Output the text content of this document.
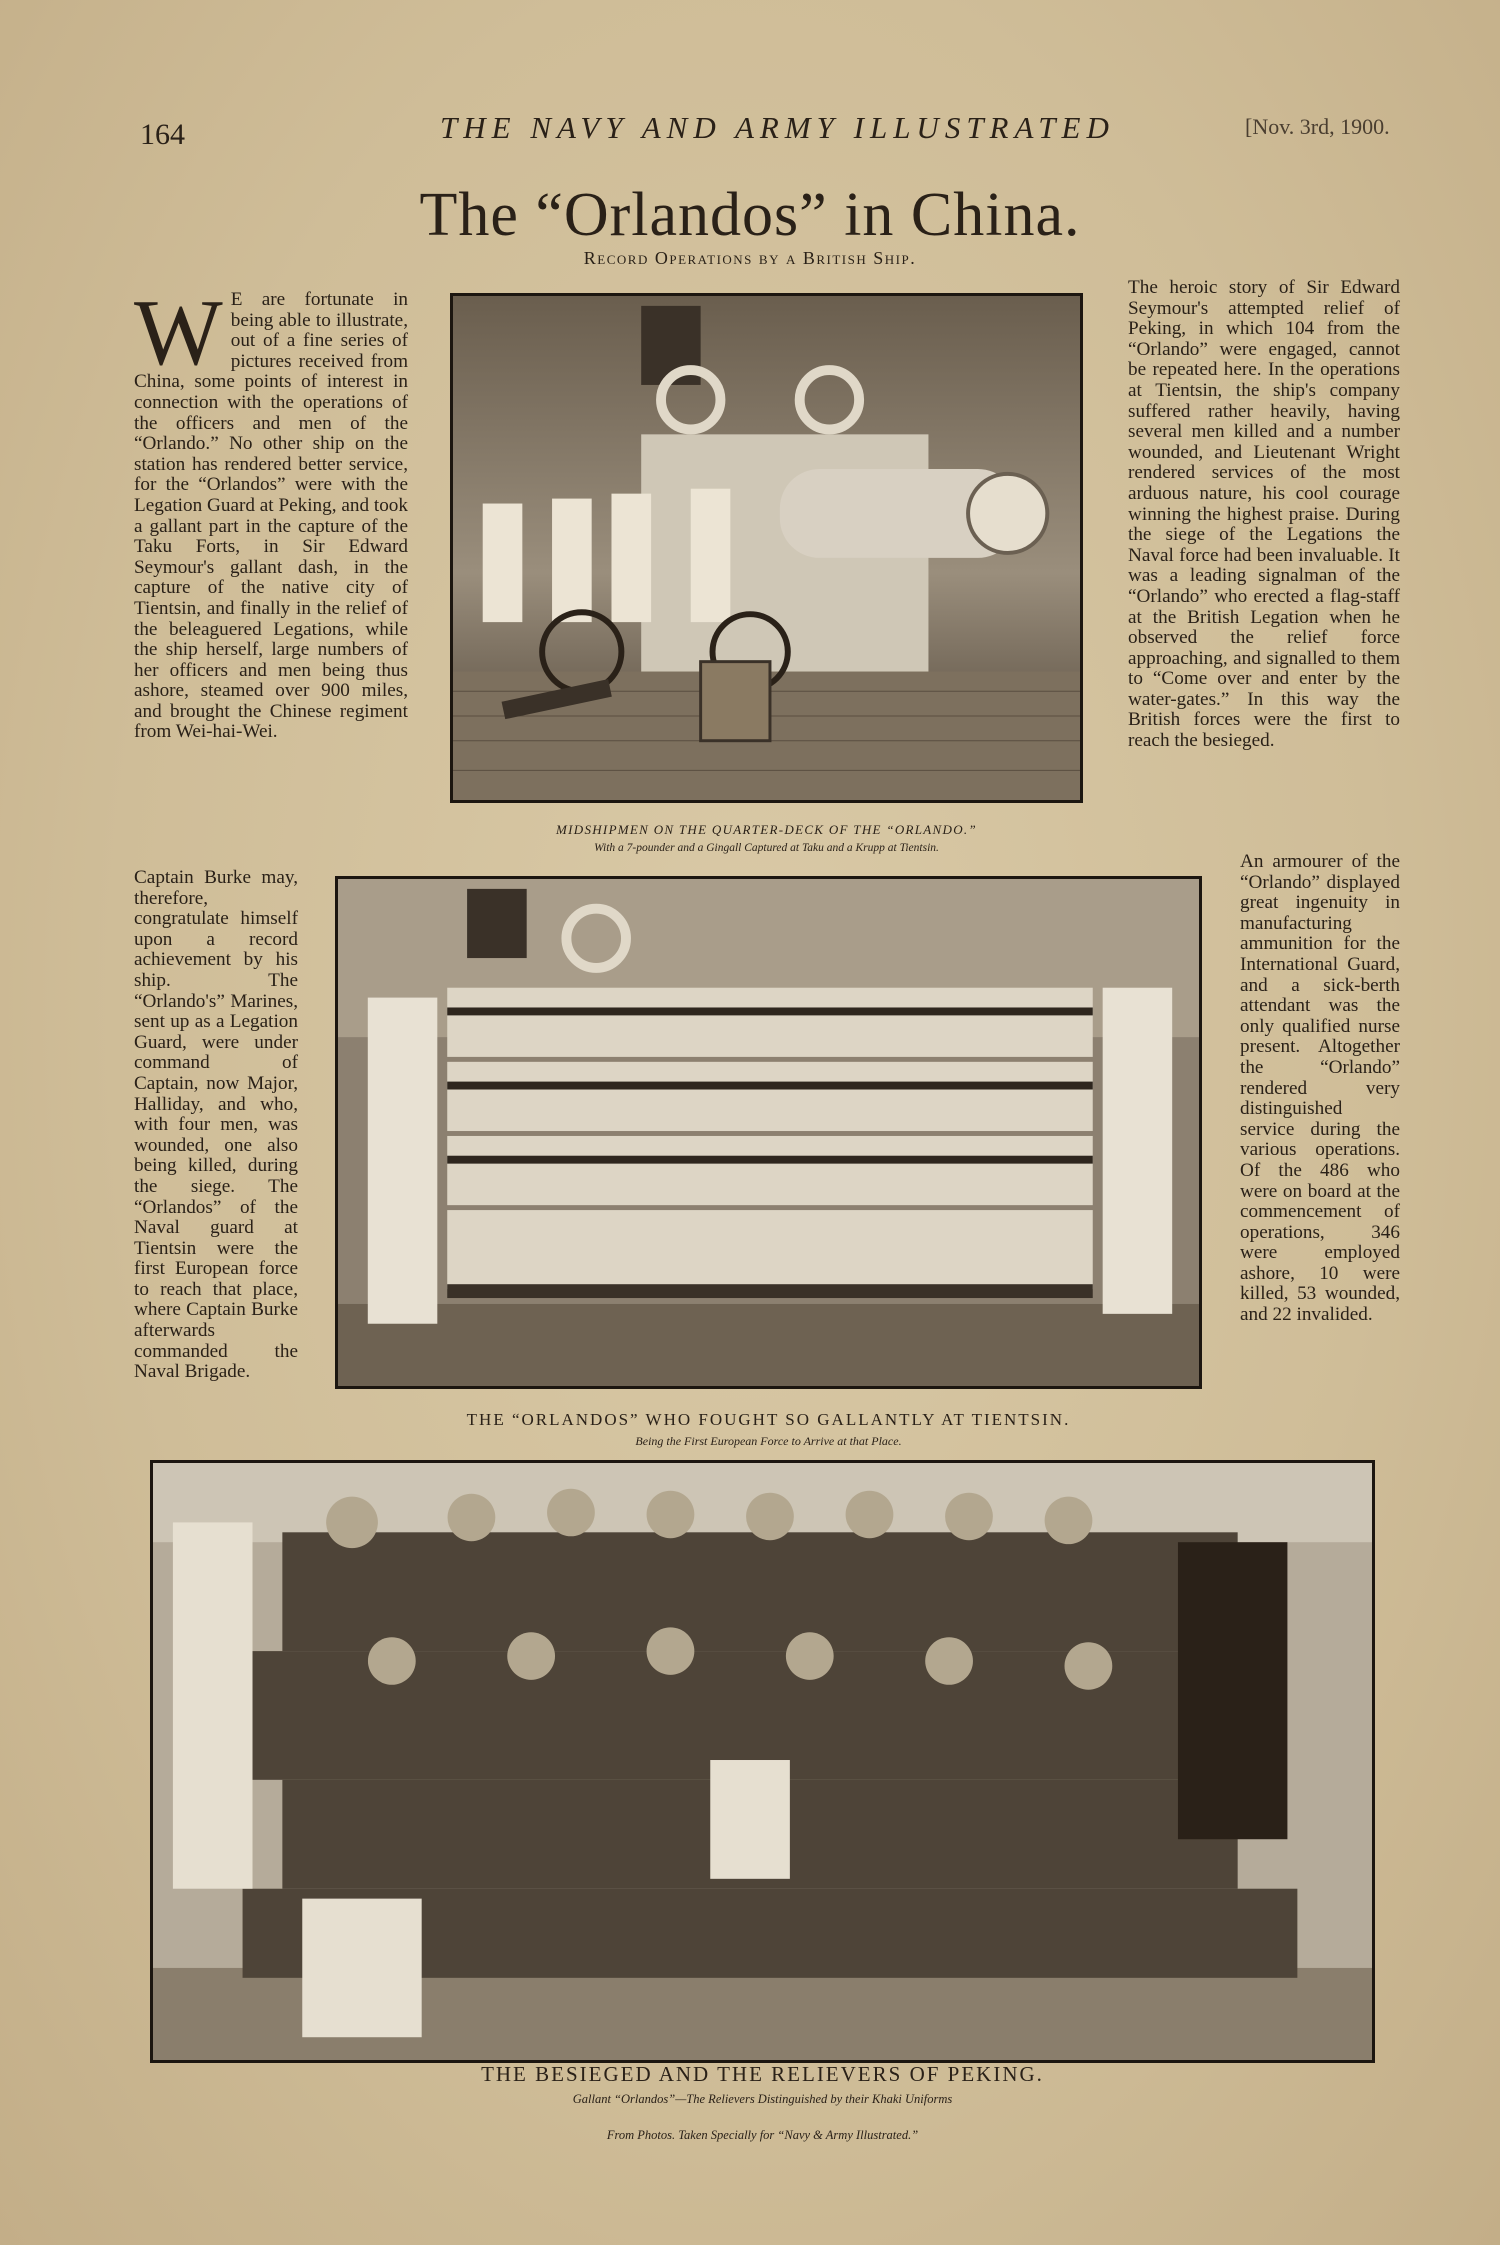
164	THE NAVY AND ARMY ILLUSTRATED	[Nov. 3rd, 1900.
The “Orlandos” in China.
Record Operations by a British Ship.
W E are fortunate in being able to illustrate, out of a fine series of pictures received from China, some points of interest in connection with the operations of the officers and men of the “Orlando.” No other ship on the station has rendered better service, for the “Orlandos” were with the Legation Guard at Peking, and took a gallant part in the capture of the Taku Forts, in Sir Edward Seymour's gallant dash, in the capture of the native city of Tientsin, and finally in the relief of the beleaguered Legations, while the ship herself, large numbers of her officers and men being thus ashore, steamed over 900 miles, and brought the Chinese regiment from Wei-hai-Wei.

Captain Burke may, therefore, congratulate himself upon a record achievement by his ship. The “Orlando's” Marines, sent up as a Legation Guard, were under command of Captain, now Major, Halliday, and who, with four men, was wounded, one also being killed, during the siege. The “Orlandos” of the Naval guard at Tientsin were the first European force to reach that place, where Captain Burke afterwards commanded the Naval Brigade.

The heroic story of Sir Edward Seymour's attempted relief of Peking, in which 104 from the “Orlando” were engaged, cannot be repeated here. In the operations at Tientsin, the ship's company suffered rather heavily, having several men killed and a number wounded, and Lieutenant Wright rendered services of the most arduous nature, his cool courage winning the highest praise. During the siege of the Legations the Naval force had been invaluable. It was a leading signalman of the “Orlando” who erected a flag-staff at the British Legation when he observed the relief force approaching, and signalled to them to “Come over and enter by the water-gates.” In this way the British forces were the first to reach the besieged.

An armourer of the “Orlando” displayed great ingenuity in manufacturing ammunition for the International Guard, and a sick-berth attendant was the only qualified nurse present. Altogether the “Orlando” rendered very distinguished service during the various operations. Of the 486 who were on board at the commencement of operations, 346 were employed ashore, 10 were killed, 53 wounded, and 22 invalided.

MIDSHIPMEN ON THE QUARTER-DECK OF THE “ORLANDO.”
With a 7-pounder and a Gingall Captured at Taku and a Krupp at Tientsin.
THE “ORLANDOS” WHO FOUGHT SO GALLANTLY AT TIENTSIN.
Being the First European Force to Arrive at that Place.
THE BESIEGED AND THE RELIEVERS OF PEKING.
Gallant “Orlandos”—The Relievers Distinguished by their Khaki Uniforms
From Photos. Taken Specially for “Navy & Army Illustrated.”
